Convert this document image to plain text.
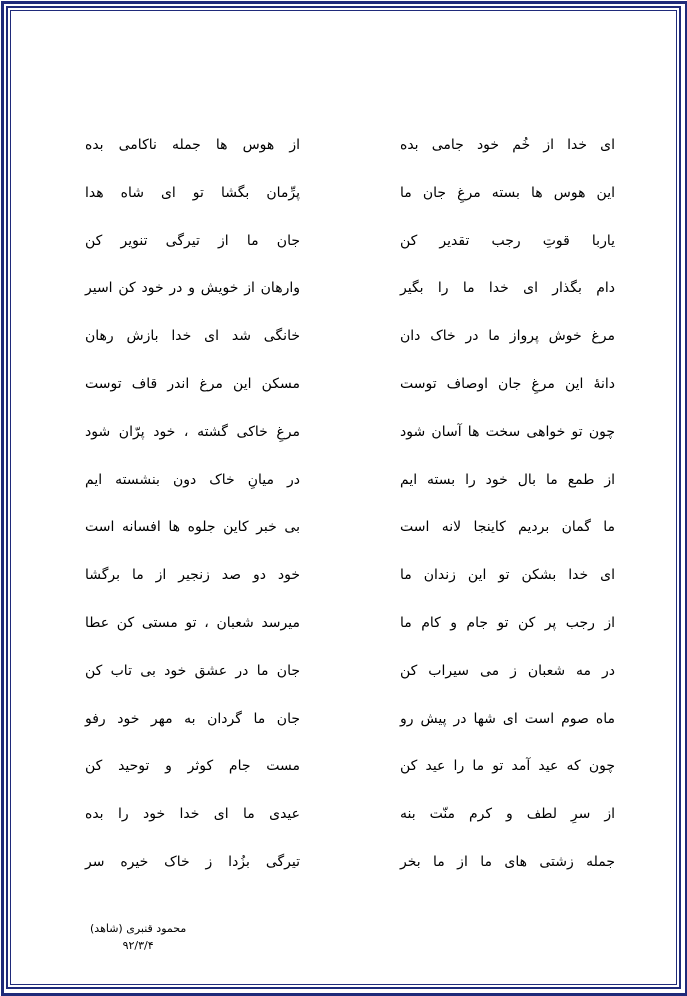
ای خدا از خُم خود جامی بده
از هوس ها جمله ناکامی بده
این هوس ها بسته مرغِ جان ما
پرِّمان بگشا تو ای شاه هدا
یاربا قوتِ رجب تقدیر کن
جان ما از تیرگی تنویر کن
دام بگذار ای خدا ما را بگیر
وارهان از خویش و در خود کن اسیر
مرغ خوش پرواز ما در خاک دان
خانگی شد ای خدا بازش رهان
دانۀ این مرغِ جان اوصاف توست
مسکن این مرغ اندر قاف توست
چون تو خواهی سخت ها آسان شود
مرغِ خاکی گشته ، خود پرّان شود
از طمع ما بال خود را بسته ایم
در میانِ خاک دون بنشسته ایم
ما گمان بردیم کاینجا لانه است
بی خبر کاین جلوه ها افسانه است
ای خدا بشکن تو این زندان ما
خود دو صد زنجیر از ما برگشا
از رجب پر کن تو جام و کام ما
میرسد شعبان ، تو مستی کن عطا
در مه شعبان ز می سیراب کن
جان ما در عشق خود بی تاب کن
ماه صوم است ای شها در پیش رو
جان ما گردان به مهر خود رفو
چون که عید آمد تو ما را عید کن
مست جام کوثر و توحید کن
از سرِ لطف و کرم منّت بنه
عیدی ما ای خدا خود را بده
جمله زشتی های ما از ما بخر
تیرگی بزُدا ز خاک خیره سر
محمود قنبری (شاهد)
۹۲/۳/۴
